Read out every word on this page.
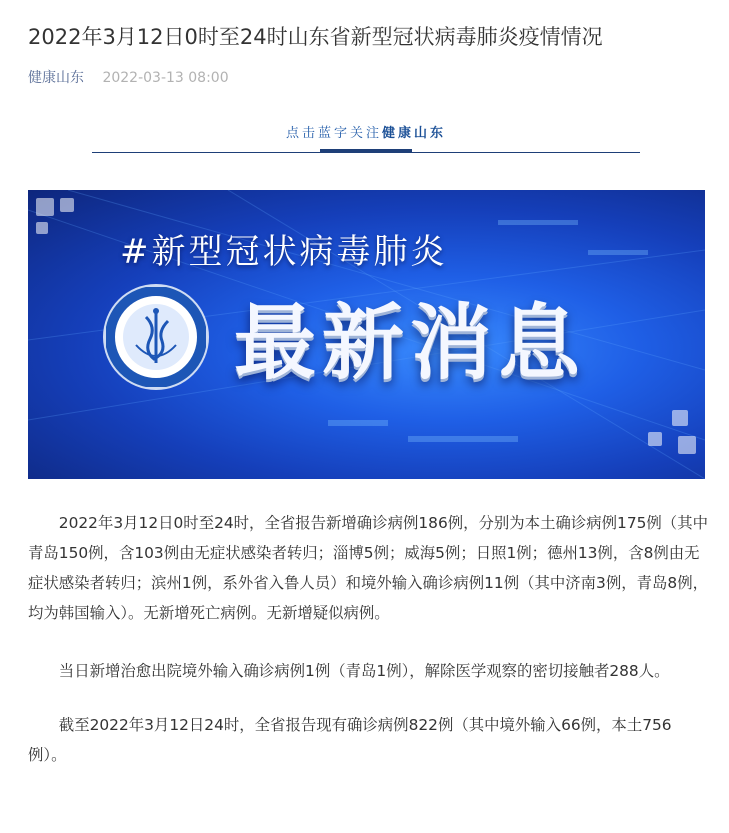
2022年3月12日0时至24时山东省新型冠状病毒肺炎疫情情况
健康山东 2022-03-13 08:00
点击蓝字关注健康山东
#新型冠状病毒肺炎
最新消息

2022年3月12日0时至24时，全省报告新增确诊病例186例，分别为本土确诊病例175例（其中青岛150例，含103例由无症状感染者转归；淄博5例；威海5例；日照1例；德州13例，含8例由无症状感染者转归；滨州1例，系外省入鲁人员）和境外输入确诊病例11例（其中济南3例，青岛8例，均为韩国输入）。无新增死亡病例。无新增疑似病例。

当日新增治愈出院境外输入确诊病例1例（青岛1例），解除医学观察的密切接触者288人。

截至2022年3月12日24时，全省报告现有确诊病例822例（其中境外输入66例，本土756例）。
